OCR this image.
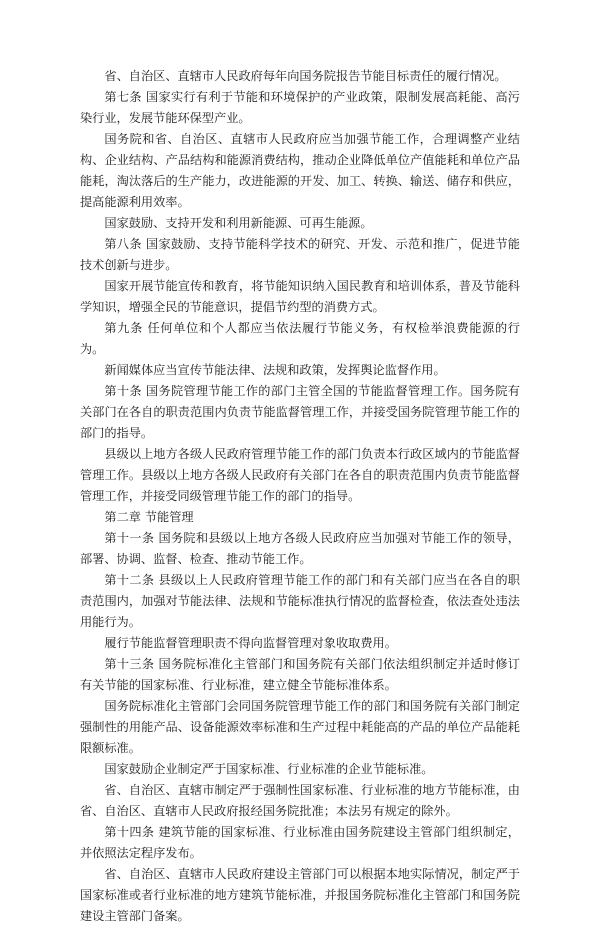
省、自治区、直辖市人民政府每年向国务院报告节能目标责任的履行情况。

第七条 国家实行有利于节能和环境保护的产业政策，限制发展高耗能、高污染行业，发展节能环保型产业。

国务院和省、自治区、直辖市人民政府应当加强节能工作，合理调整产业结构、企业结构、产品结构和能源消费结构，推动企业降低单位产值能耗和单位产品能耗，淘汰落后的生产能力，改进能源的开发、加工、转换、输送、储存和供应，提高能源利用效率。

国家鼓励、支持开发和利用新能源、可再生能源。

第八条 国家鼓励、支持节能科学技术的研究、开发、示范和推广，促进节能技术创新与进步。

国家开展节能宣传和教育，将节能知识纳入国民教育和培训体系，普及节能科学知识，增强全民的节能意识，提倡节约型的消费方式。

第九条 任何单位和个人都应当依法履行节能义务，有权检举浪费能源的行为。

新闻媒体应当宣传节能法律、法规和政策，发挥舆论监督作用。

第十条 国务院管理节能工作的部门主管全国的节能监督管理工作。国务院有关部门在各自的职责范围内负责节能监督管理工作，并接受国务院管理节能工作的部门的指导。

县级以上地方各级人民政府管理节能工作的部门负责本行政区域内的节能监督管理工作。县级以上地方各级人民政府有关部门在各自的职责范围内负责节能监督管理工作，并接受同级管理节能工作的部门的指导。

第二章 节能管理

第十一条 国务院和县级以上地方各级人民政府应当加强对节能工作的领导，部署、协调、监督、检查、推动节能工作。

第十二条 县级以上人民政府管理节能工作的部门和有关部门应当在各自的职责范围内，加强对节能法律、法规和节能标准执行情况的监督检查，依法查处违法用能行为。

履行节能监督管理职责不得向监督管理对象收取费用。

第十三条 国务院标准化主管部门和国务院有关部门依法组织制定并适时修订有关节能的国家标准、行业标准，建立健全节能标准体系。

国务院标准化主管部门会同国务院管理节能工作的部门和国务院有关部门制定强制性的用能产品、设备能源效率标准和生产过程中耗能高的产品的单位产品能耗限额标准。

国家鼓励企业制定严于国家标准、行业标准的企业节能标准。

省、自治区、直辖市制定严于强制性国家标准、行业标准的地方节能标准，由省、自治区、直辖市人民政府报经国务院批准；本法另有规定的除外。

第十四条 建筑节能的国家标准、行业标准由国务院建设主管部门组织制定，并依照法定程序发布。

省、自治区、直辖市人民政府建设主管部门可以根据本地实际情况，制定严于国家标准或者行业标准的地方建筑节能标准，并报国务院标准化主管部门和国务院建设主管部门备案。
